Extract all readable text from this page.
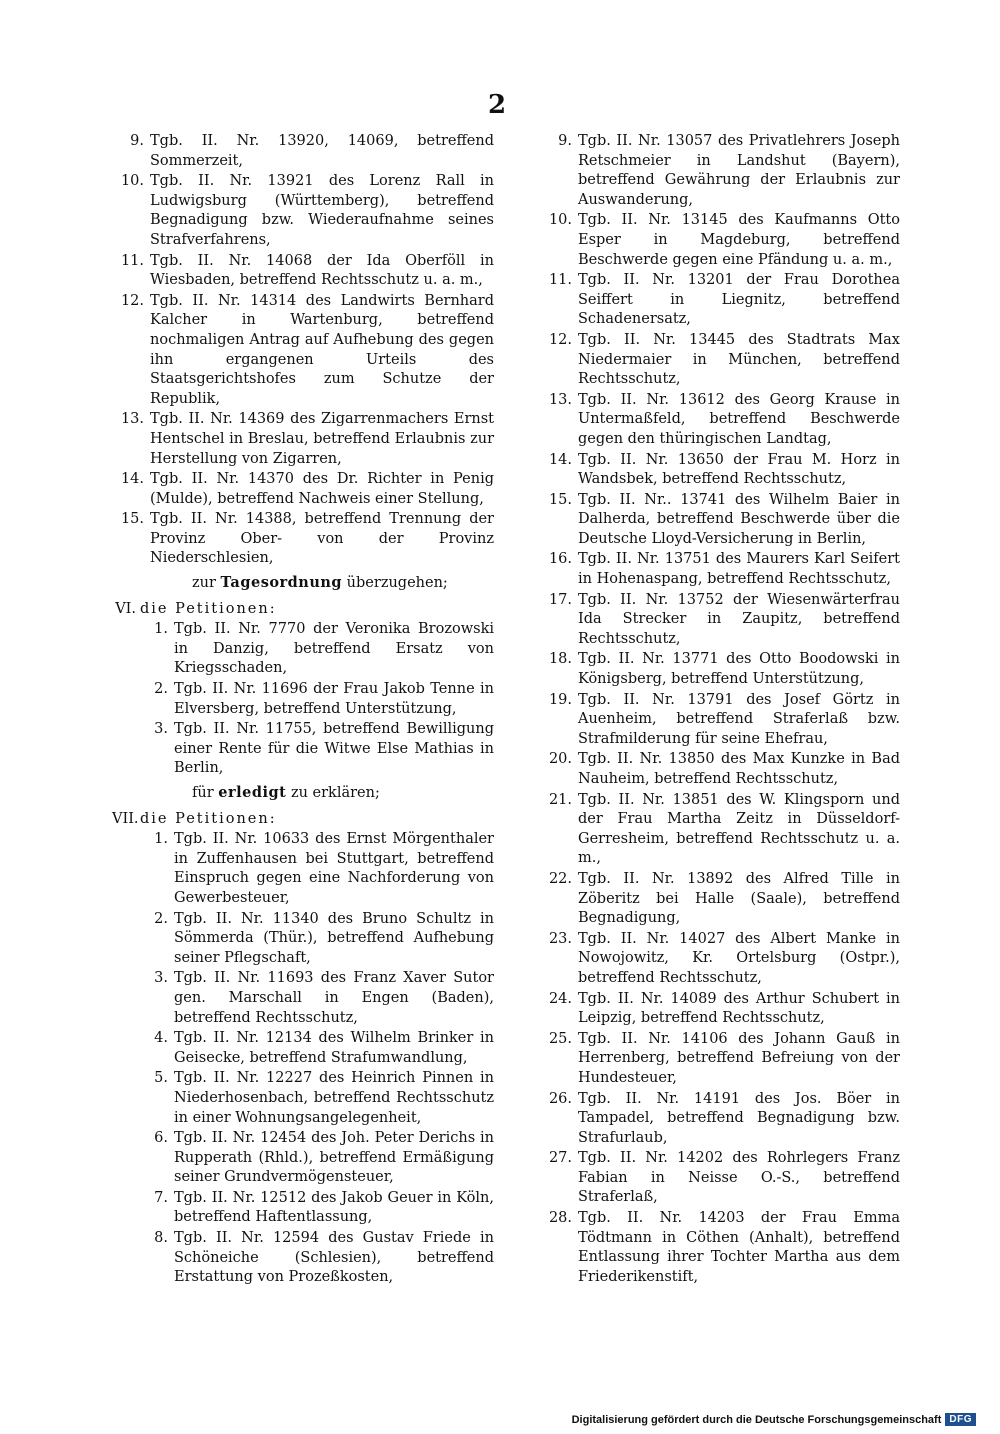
2
9. Tgb. II. Nr. 13920, 14069, betreffend Sommerzeit,
10. Tgb. II. Nr. 13921 des Lorenz Rall in Ludwigsburg (Württemberg), betreffend Begnadigung bzw. Wiederaufnahme seines Strafverfahrens,
11. Tgb. II. Nr. 14068 der Ida Oberföll in Wiesbaden, betreffend Rechtsschutz u. a. m.,
12. Tgb. II. Nr. 14314 des Landwirts Bernhard Kalcher in Wartenburg, betreffend nochmaligen Antrag auf Aufhebung des gegen ihn ergangenen Urteils des Staatsgerichtshofes zum Schutze der Republik,
13. Tgb. II. Nr. 14369 des Zigarrenmachers Ernst Hentschel in Breslau, betreffend Erlaubnis zur Herstellung von Zigarren,
14. Tgb. II. Nr. 14370 des Dr. Richter in Penig (Mulde), betreffend Nachweis einer Stellung,
15. Tgb. II. Nr. 14388, betreffend Trennung der Provinz Ober- von der Provinz Niederschlesien,
zur Tagesordnung überzugehen;
VI. die Petitionen:
1. Tgb. II. Nr. 7770 der Veronika Brozowski in Danzig, betreffend Ersatz von Kriegsschaden,
2. Tgb. II. Nr. 11696 der Frau Jakob Tenne in Elversberg, betreffend Unterstützung,
3. Tgb. II. Nr. 11755, betreffend Bewilligung einer Rente für die Witwe Else Mathias in Berlin,
für erledigt zu erklären;
VII. die Petitionen:
1. Tgb. II. Nr. 10633 des Ernst Mörgenthaler in Zuffenhausen bei Stuttgart, betreffend Einspruch gegen eine Nachforderung von Gewerbesteuer,
2. Tgb. II. Nr. 11340 des Bruno Schultz in Sömmerda (Thür.), betreffend Aufhebung seiner Pflegschaft,
3. Tgb. II. Nr. 11693 des Franz Xaver Sutor gen. Marschall in Engen (Baden), betreffend Rechtsschutz,
4. Tgb. II. Nr. 12134 des Wilhelm Brinker in Geisecke, betreffend Strafumwandlung,
5. Tgb. II. Nr. 12227 des Heinrich Pinnen in Niederhosenbach, betreffend Rechtsschutz in einer Wohnungsangelegenheit,
6. Tgb. II. Nr. 12454 des Joh. Peter Derichs in Rupperath (Rhld.), betreffend Ermäßigung seiner Grundvermögensteuer,
7. Tgb. II. Nr. 12512 des Jakob Geuer in Köln, betreffend Haftentlassung,
8. Tgb. II. Nr. 12594 des Gustav Friede in Schöneiche (Schlesien), betreffend Erstattung von Prozeßkosten,
9. Tgb. II. Nr. 13057 des Privatlehrers Joseph Retschmeier in Landshut (Bayern), betreffend Gewährung der Erlaubnis zur Auswanderung,
10. Tgb. II. Nr. 13145 des Kaufmanns Otto Esper in Magdeburg, betreffend Beschwerde gegen eine Pfändung u. a. m.,
11. Tgb. II. Nr. 13201 der Frau Dorothea Seiffert in Liegnitz, betreffend Schadenersatz,
12. Tgb. II. Nr. 13445 des Stadtrats Max Niedermaier in München, betreffend Rechtsschutz,
13. Tgb. II. Nr. 13612 des Georg Krause in Untermaßfeld, betreffend Beschwerde gegen den thüringischen Landtag,
14. Tgb. II. Nr. 13650 der Frau M. Horz in Wandsbek, betreffend Rechtsschutz,
15. Tgb. II. Nr.. 13741 des Wilhelm Baier in Dalherda, betreffend Beschwerde über die Deutsche Lloyd-Versicherung in Berlin,
16. Tgb. II. Nr. 13751 des Maurers Karl Seifert in Hohenaspang, betreffend Rechtsschutz,
17. Tgb. II. Nr. 13752 der Wiesenwärterfrau Ida Strecker in Zaupitz, betreffend Rechtsschutz,
18. Tgb. II. Nr. 13771 des Otto Boodowski in Königsberg, betreffend Unterstützung,
19. Tgb. II. Nr. 13791 des Josef Görtz in Auenheim, betreffend Straferlaß bzw. Strafmilderung für seine Ehefrau,
20. Tgb. II. Nr. 13850 des Max Kunzke in Bad Nauheim, betreffend Rechtsschutz,
21. Tgb. II. Nr. 13851 des W. Klingsporn und der Frau Martha Zeitz in Düsseldorf-Gerresheim, betreffend Rechtsschutz u. a. m.,
22. Tgb. II. Nr. 13892 des Alfred Tille in Zöberitz bei Halle (Saale), betreffend Begnadigung,
23. Tgb. II. Nr. 14027 des Albert Manke in Nowojowitz, Kr. Ortelsburg (Ostpr.), betreffend Rechtsschutz,
24. Tgb. II. Nr. 14089 des Arthur Schubert in Leipzig, betreffend Rechtsschutz,
25. Tgb. II. Nr. 14106 des Johann Gauß in Herrenberg, betreffend Befreiung von der Hundesteuer,
26. Tgb. II. Nr. 14191 des Jos. Böer in Tampadel, betreffend Begnadigung bzw. Strafurlaub,
27. Tgb. II. Nr. 14202 des Rohrlegers Franz Fabian in Neisse O.-S., betreffend Straferlaß,
28. Tgb. II. Nr. 14203 der Frau Emma Tödtmann in Cöthen (Anhalt), betreffend Entlassung ihrer Tochter Martha aus dem Friederikenstift,
Digitalisierung gefördert durch die Deutsche Forschungsgemeinschaft DFG
